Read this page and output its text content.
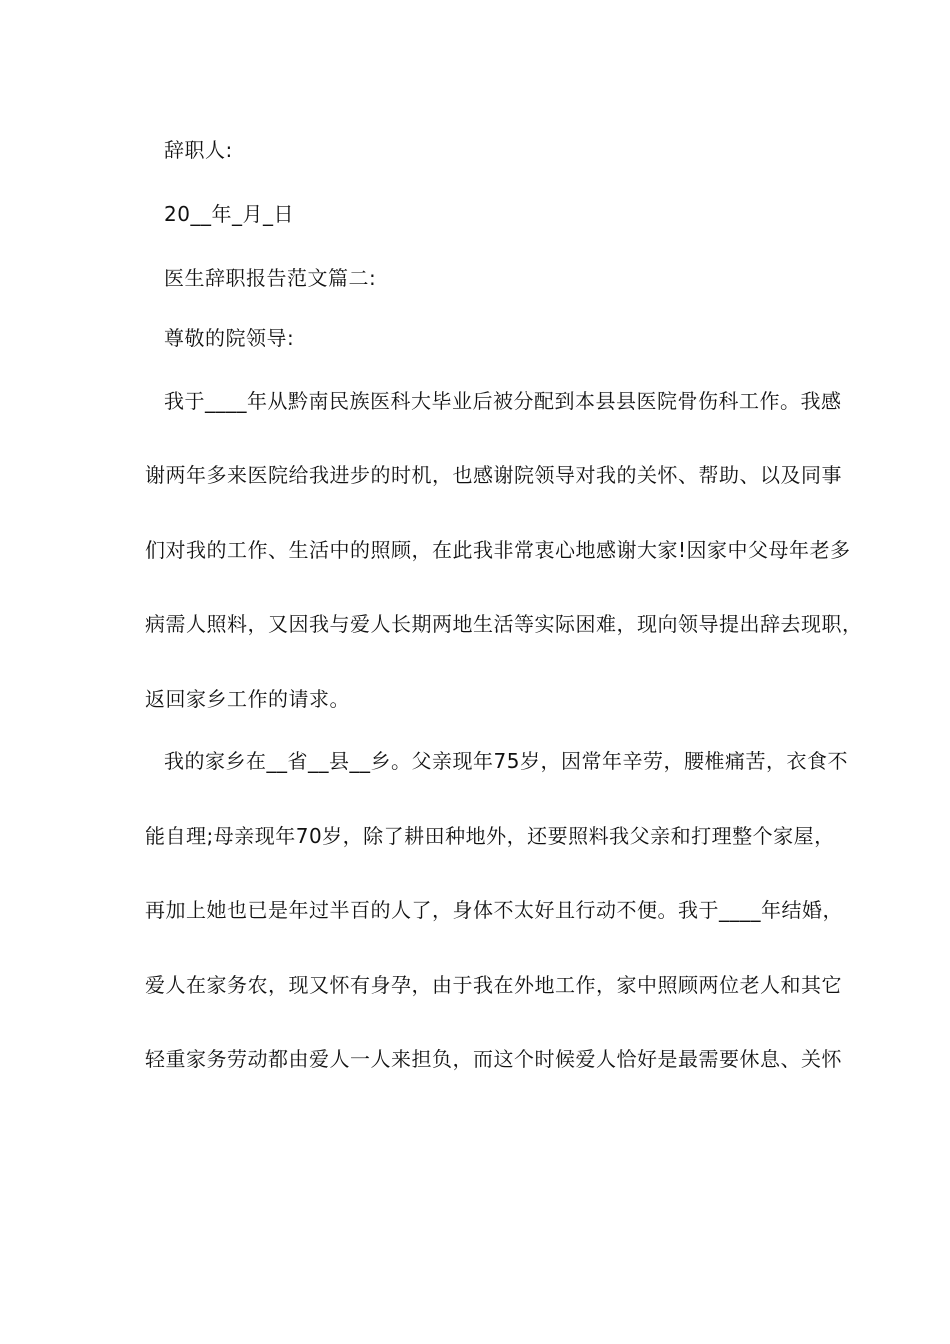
辞职人:
20__年_月_日
医生辞职报告范文篇二:
尊敬的院领导:
我于____年从黔南民族医科大毕业后被分配到本县县医院骨伤科工作。我感
谢两年多来医院给我进步的时机，也感谢院领导对我的关怀、帮助、以及同事
们对我的工作、生活中的照顾，在此我非常衷心地感谢大家!因家中父母年老多
病需人照料，又因我与爱人长期两地生活等实际困难，现向领导提出辞去现职，
返回家乡工作的请求。
我的家乡在__省__县__乡。父亲现年75岁，因常年辛劳，腰椎痛苦，衣食不
能自理;母亲现年70岁，除了耕田种地外，还要照料我父亲和打理整个家屋，
再加上她也已是年过半百的人了，身体不太好且行动不便。我于____年结婚，
爱人在家务农，现又怀有身孕，由于我在外地工作，家中照顾两位老人和其它
轻重家务劳动都由爱人一人来担负，而这个时候爱人恰好是最需要休息、关怀
